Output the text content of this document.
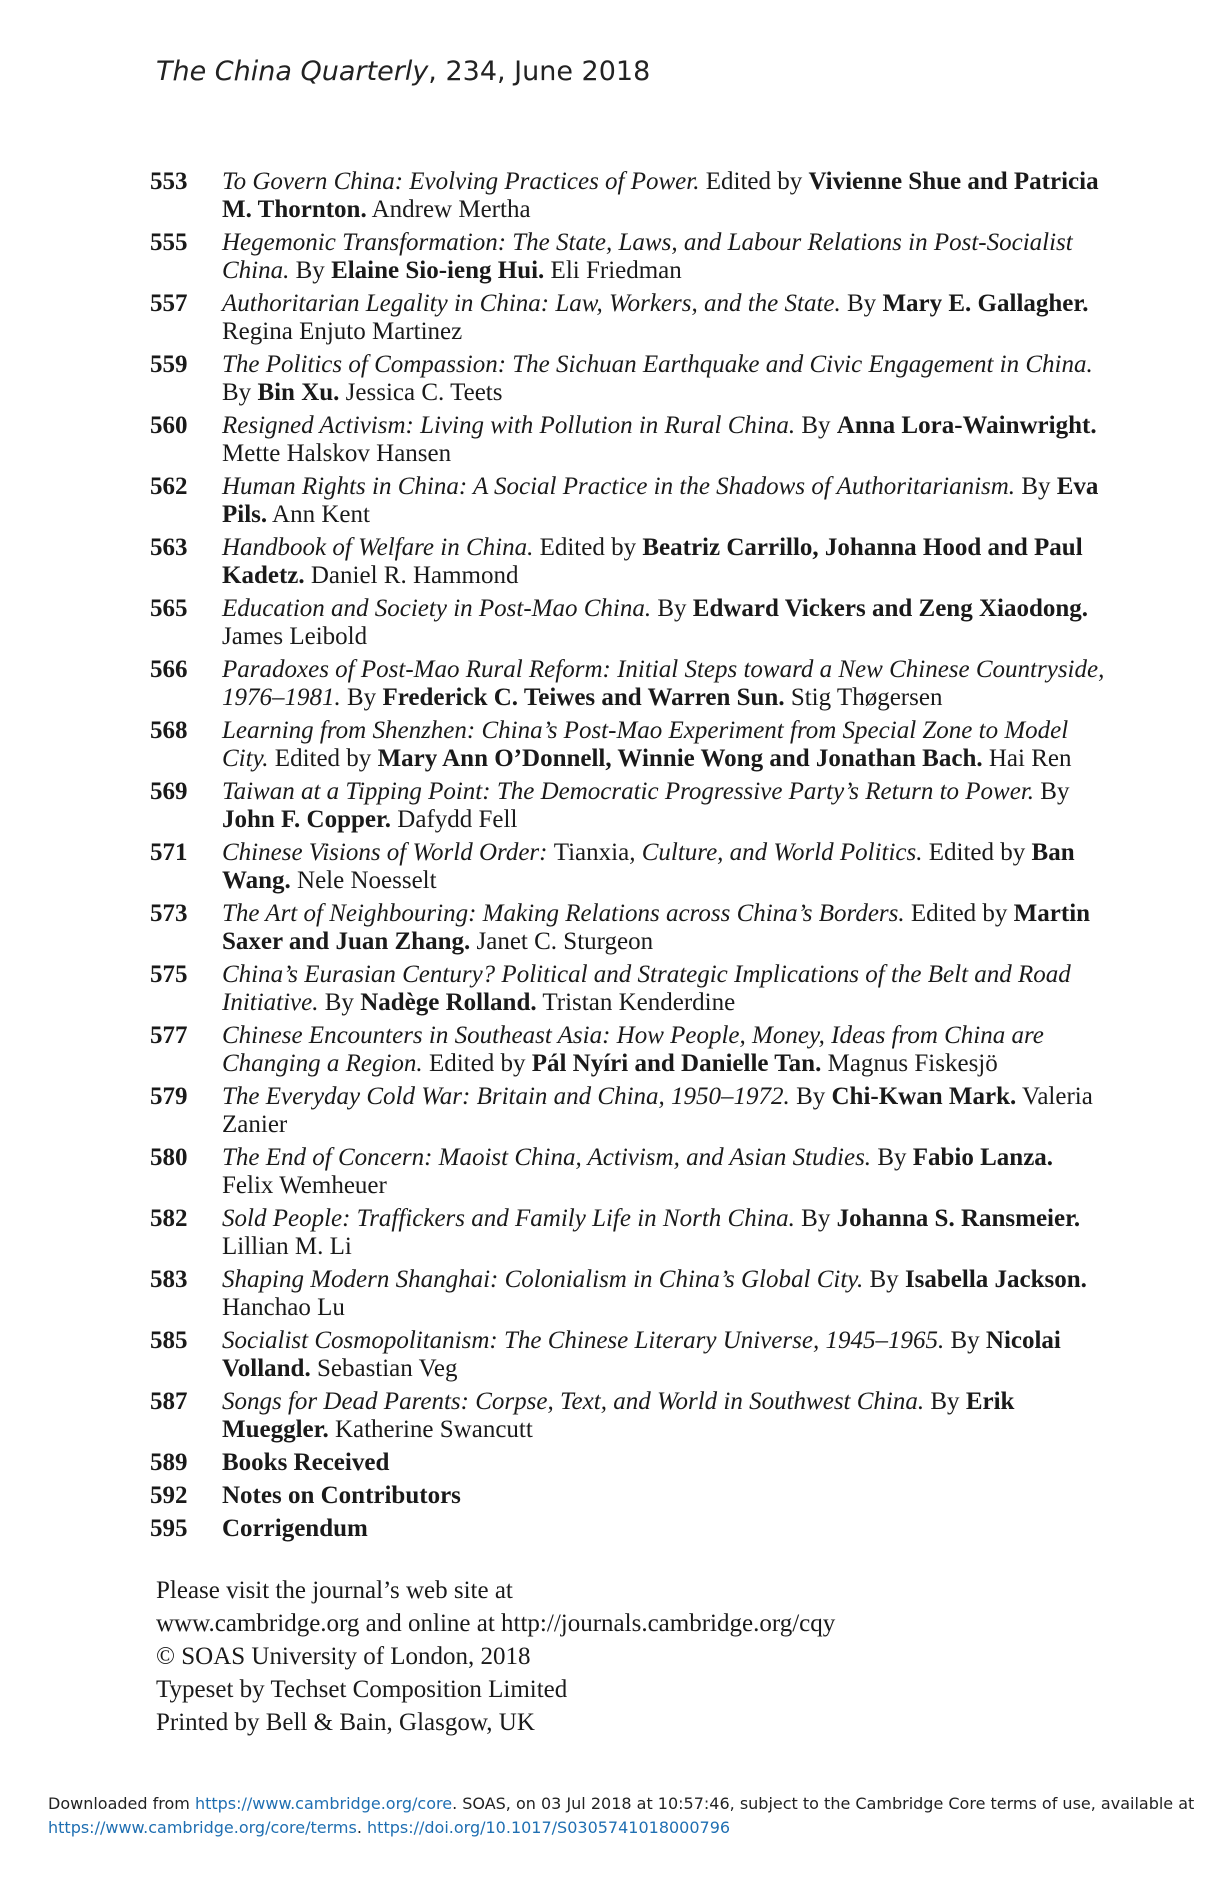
The China Quarterly, 234, June 2018
553 To Govern China: Evolving Practices of Power. Edited by Vivienne Shue and Patricia M. Thornton. Andrew Mertha
555 Hegemonic Transformation: The State, Laws, and Labour Relations in Post-Socialist China. By Elaine Sio-ieng Hui. Eli Friedman
557 Authoritarian Legality in China: Law, Workers, and the State. By Mary E. Gallagher. Regina Enjuto Martinez
559 The Politics of Compassion: The Sichuan Earthquake and Civic Engagement in China. By Bin Xu. Jessica C. Teets
560 Resigned Activism: Living with Pollution in Rural China. By Anna Lora-Wainwright. Mette Halskov Hansen
562 Human Rights in China: A Social Practice in the Shadows of Authoritarianism. By Eva Pils. Ann Kent
563 Handbook of Welfare in China. Edited by Beatriz Carrillo, Johanna Hood and Paul Kadetz. Daniel R. Hammond
565 Education and Society in Post-Mao China. By Edward Vickers and Zeng Xiaodong. James Leibold
566 Paradoxes of Post-Mao Rural Reform: Initial Steps toward a New Chinese Countryside, 1976–1981. By Frederick C. Teiwes and Warren Sun. Stig Thøgersen
568 Learning from Shenzhen: China’s Post-Mao Experiment from Special Zone to Model City. Edited by Mary Ann O’Donnell, Winnie Wong and Jonathan Bach. Hai Ren
569 Taiwan at a Tipping Point: The Democratic Progressive Party’s Return to Power. By John F. Copper. Dafydd Fell
571 Chinese Visions of World Order: Tianxia, Culture, and World Politics. Edited by Ban Wang. Nele Noesselt
573 The Art of Neighbouring: Making Relations across China’s Borders. Edited by Martin Saxer and Juan Zhang. Janet C. Sturgeon
575 China’s Eurasian Century? Political and Strategic Implications of the Belt and Road Initiative. By Nadège Rolland. Tristan Kenderdine
577 Chinese Encounters in Southeast Asia: How People, Money, Ideas from China are Changing a Region. Edited by Pál Nyíri and Danielle Tan. Magnus Fiskesjö
579 The Everyday Cold War: Britain and China, 1950–1972. By Chi-Kwan Mark. Valeria Zanier
580 The End of Concern: Maoist China, Activism, and Asian Studies. By Fabio Lanza. Felix Wemheuer
582 Sold People: Traffickers and Family Life in North China. By Johanna S. Ransmeier. Lillian M. Li
583 Shaping Modern Shanghai: Colonialism in China’s Global City. By Isabella Jackson. Hanchao Lu
585 Socialist Cosmopolitanism: The Chinese Literary Universe, 1945–1965. By Nicolai Volland. Sebastian Veg
587 Songs for Dead Parents: Corpse, Text, and World in Southwest China. By Erik Mueggler. Katherine Swancutt
589 Books Received
592 Notes on Contributors
595 Corrigendum
Please visit the journal’s web site at
www.cambridge.org and online at http://journals.cambridge.org/cqy
© SOAS University of London, 2018
Typeset by Techset Composition Limited
Printed by Bell & Bain, Glasgow, UK
Downloaded from https://www.cambridge.org/core. SOAS, on 03 Jul 2018 at 10:57:46, subject to the Cambridge Core terms of use, available at
https://www.cambridge.org/core/terms. https://doi.org/10.1017/S0305741018000796
